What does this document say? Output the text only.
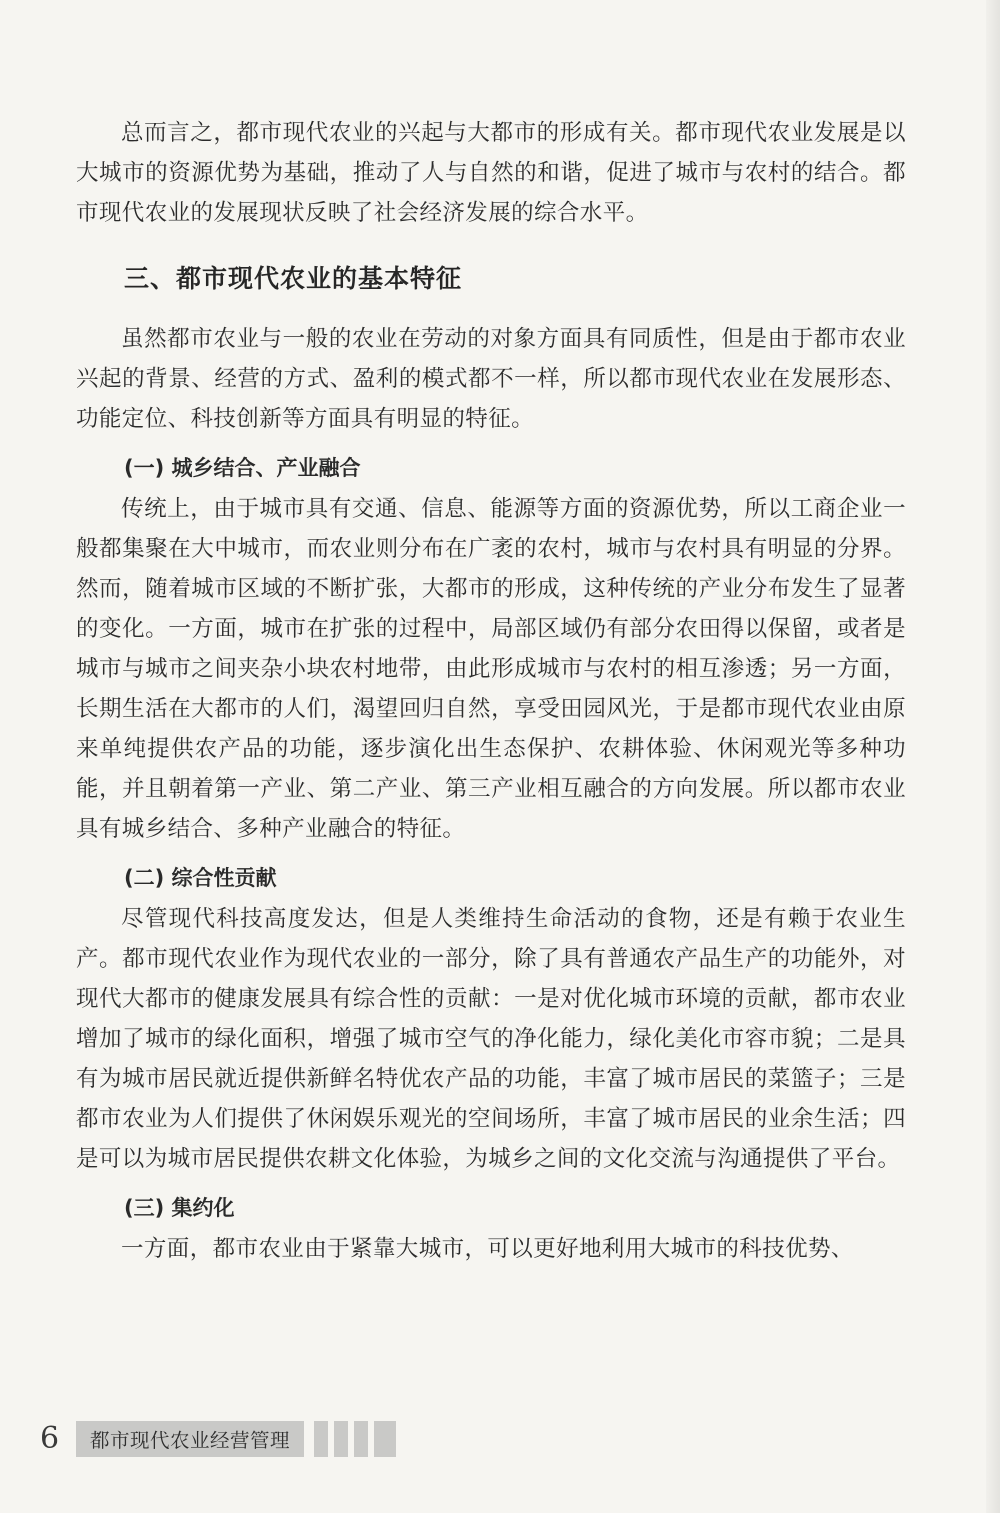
总而言之，都市现代农业的兴起与大都市的形成有关。都市现代农业发展是以大城市的资源优势为基础，推动了人与自然的和谐，促进了城市与农村的结合。都市现代农业的发展现状反映了社会经济发展的综合水平。

三、都市现代农业的基本特征

虽然都市农业与一般的农业在劳动的对象方面具有同质性，但是由于都市农业兴起的背景、经营的方式、盈利的模式都不一样，所以都市现代农业在发展形态、功能定位、科技创新等方面具有明显的特征。

(一) 城乡结合、产业融合

传统上，由于城市具有交通、信息、能源等方面的资源优势，所以工商企业一般都集聚在大中城市，而农业则分布在广袤的农村，城市与农村具有明显的分界。然而，随着城市区域的不断扩张，大都市的形成，这种传统的产业分布发生了显著的变化。一方面，城市在扩张的过程中，局部区域仍有部分农田得以保留，或者是城市与城市之间夹杂小块农村地带，由此形成城市与农村的相互渗透；另一方面，长期生活在大都市的人们，渴望回归自然，享受田园风光，于是都市现代农业由原来单纯提供农产品的功能，逐步演化出生态保护、农耕体验、休闲观光等多种功能，并且朝着第一产业、第二产业、第三产业相互融合的方向发展。所以都市农业具有城乡结合、多种产业融合的特征。

(二) 综合性贡献

尽管现代科技高度发达，但是人类维持生命活动的食物，还是有赖于农业生产。都市现代农业作为现代农业的一部分，除了具有普通农产品生产的功能外，对现代大都市的健康发展具有综合性的贡献：一是对优化城市环境的贡献，都市农业增加了城市的绿化面积，增强了城市空气的净化能力，绿化美化市容市貌；二是具有为城市居民就近提供新鲜名特优农产品的功能，丰富了城市居民的菜篮子；三是都市农业为人们提供了休闲娱乐观光的空间场所，丰富了城市居民的业余生活；四是可以为城市居民提供农耕文化体验，为城乡之间的文化交流与沟通提供了平台。

(三) 集约化

一方面，都市农业由于紧靠大城市，可以更好地利用大城市的科技优势、

6	都市现代农业经营管理
